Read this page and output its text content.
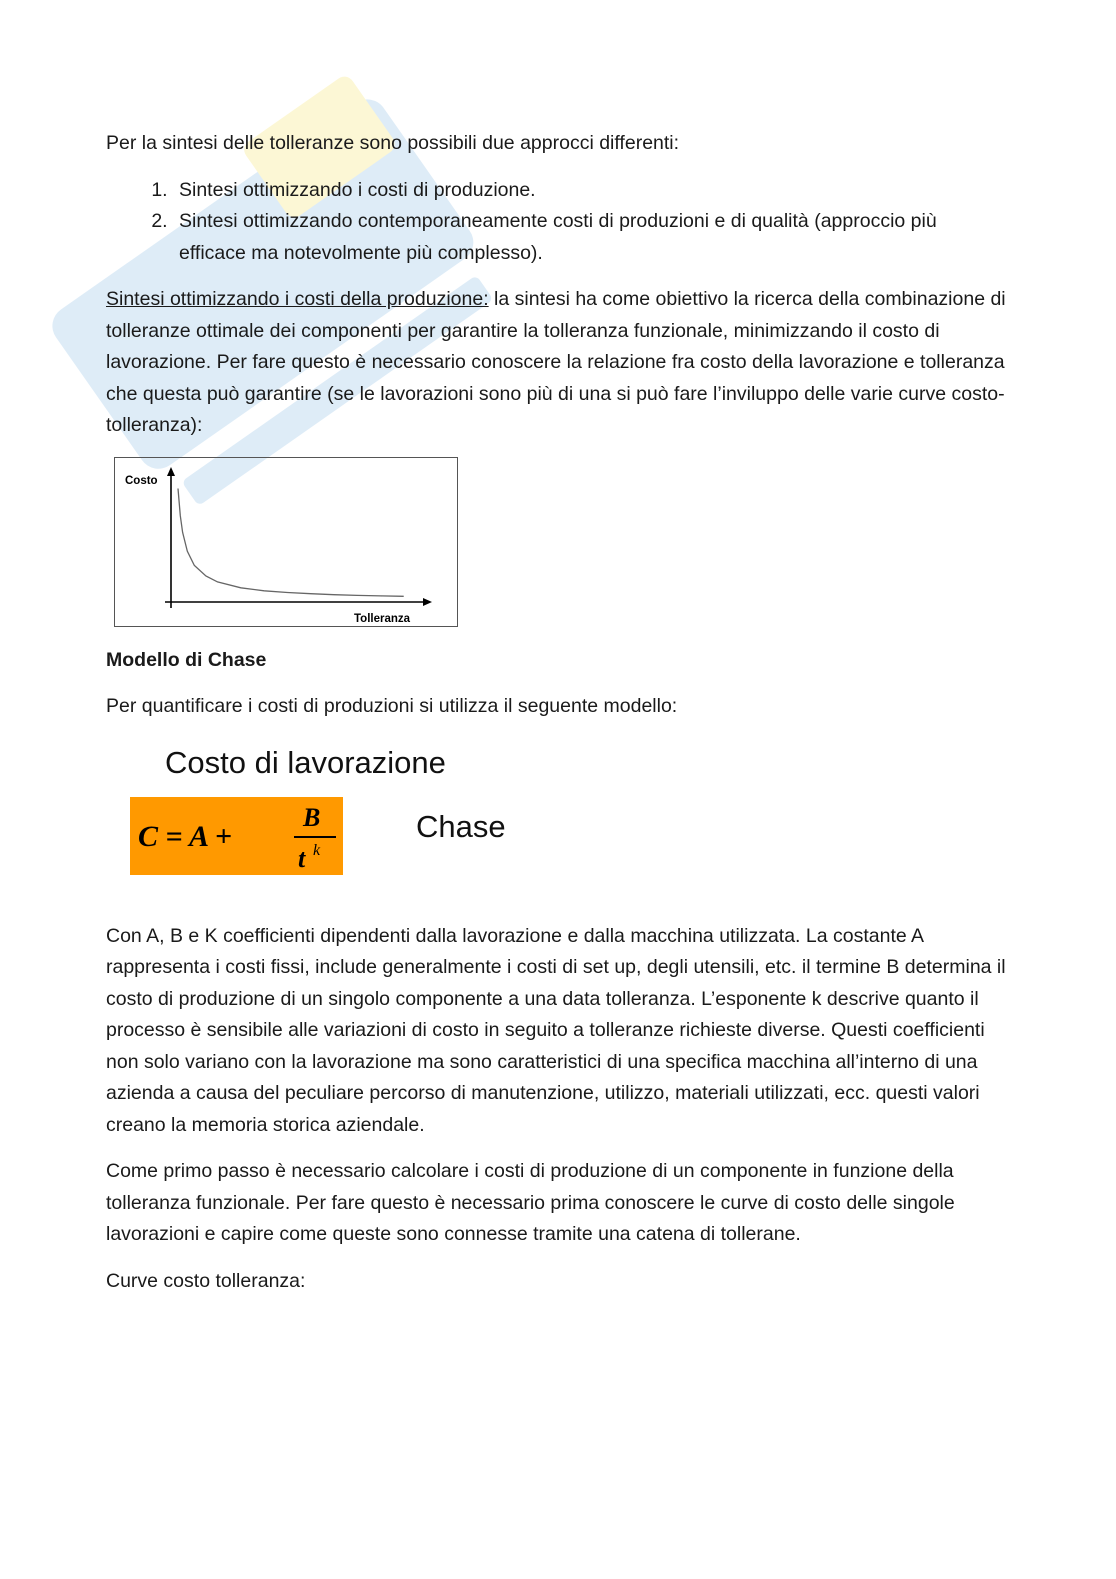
Per la sintesi delle tolleranze sono possibili due approcci differenti:

1. Sintesi ottimizzando i costi di produzione.
2. Sintesi ottimizzando contemporaneamente costi di produzioni e di qualità (approccio più efficace ma notevolmente più complesso).

Sintesi ottimizzando i costi della produzione: la sintesi ha come obiettivo la ricerca della combinazione di tolleranze ottimale dei componenti per garantire la tolleranza funzionale, minimizzando il costo di lavorazione. Per fare questo è necessario conoscere la relazione fra costo della lavorazione e tolleranza che questa può garantire (se le lavorazioni sono più di una si può fare l’inviluppo delle varie curve costo-tolleranza):

Costo
Tolleranza

Modello di Chase

Per quantificare i costi di produzioni si utilizza il seguente modello:

Costo di lavorazione
C = A +
B
t k
Chase

Con A, B e K coefficienti dipendenti dalla lavorazione e dalla macchina utilizzata. La costante A rappresenta i costi fissi, include generalmente i costi di set up, degli utensili, etc. il termine B determina il costo di produzione di un singolo componente a una data tolleranza. L’esponente k descrive quanto il processo è sensibile alle variazioni di costo in seguito a tolleranze richieste diverse. Questi coefficienti non solo variano con la lavorazione ma sono caratteristici di una specifica macchina all’interno di una azienda a causa del peculiare percorso di manutenzione, utilizzo, materiali utilizzati, ecc. questi valori creano la memoria storica aziendale.

Come primo passo è necessario calcolare i costi di produzione di un componente in funzione della tolleranza funzionale. Per fare questo è necessario prima conoscere le curve di costo delle singole lavorazioni e capire come queste sono connesse tramite una catena di tollerane.

Curve costo tolleranza:
